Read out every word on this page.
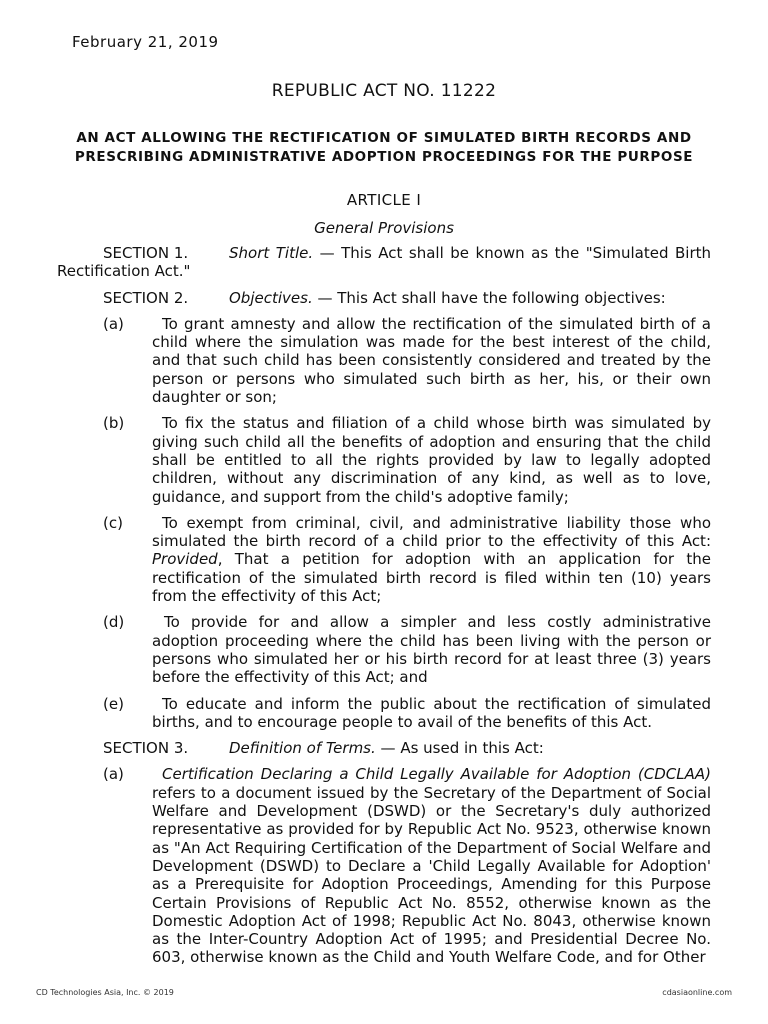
February 21, 2019
REPUBLIC ACT NO. 11222
AN ACT ALLOWING THE RECTIFICATION OF SIMULATED BIRTH RECORDS AND PRESCRIBING ADMINISTRATIVE ADOPTION PROCEEDINGS FOR THE PURPOSE
ARTICLE I
General Provisions
SECTION 1.	Short Title. — This Act shall be known as the "Simulated Birth Rectification Act."
SECTION 2.	Objectives. — This Act shall have the following objectives:
(a)	To grant amnesty and allow the rectification of the simulated birth of a child where the simulation was made for the best interest of the child, and that such child has been consistently considered and treated by the person or persons who simulated such birth as her, his, or their own daughter or son;
(b)	To fix the status and filiation of a child whose birth was simulated by giving such child all the benefits of adoption and ensuring that the child shall be entitled to all the rights provided by law to legally adopted children, without any discrimination of any kind, as well as to love, guidance, and support from the child's adoptive family;
(c)	To exempt from criminal, civil, and administrative liability those who simulated the birth record of a child prior to the effectivity of this Act: Provided, That a petition for adoption with an application for the rectification of the simulated birth record is filed within ten (10) years from the effectivity of this Act;
(d)	To provide for and allow a simpler and less costly administrative adoption proceeding where the child has been living with the person or persons who simulated her or his birth record for at least three (3) years before the effectivity of this Act; and
(e)	To educate and inform the public about the rectification of simulated births, and to encourage people to avail of the benefits of this Act.
SECTION 3.	Definition of Terms. — As used in this Act:
(a)	Certification Declaring a Child Legally Available for Adoption (CDCLAA) refers to a document issued by the Secretary of the Department of Social Welfare and Development (DSWD) or the Secretary's duly authorized representative as provided for by Republic Act No. 9523, otherwise known as "An Act Requiring Certification of the Department of Social Welfare and Development (DSWD) to Declare a 'Child Legally Available for Adoption' as a Prerequisite for Adoption Proceedings, Amending for this Purpose Certain Provisions of Republic Act No. 8552, otherwise known as the Domestic Adoption Act of 1998; Republic Act No. 8043, otherwise known as the Inter-Country Adoption Act of 1995; and Presidential Decree No. 603, otherwise known as the Child and Youth Welfare Code, and for Other
CD Technologies Asia, Inc. © 2019	cdasiaonline.com
